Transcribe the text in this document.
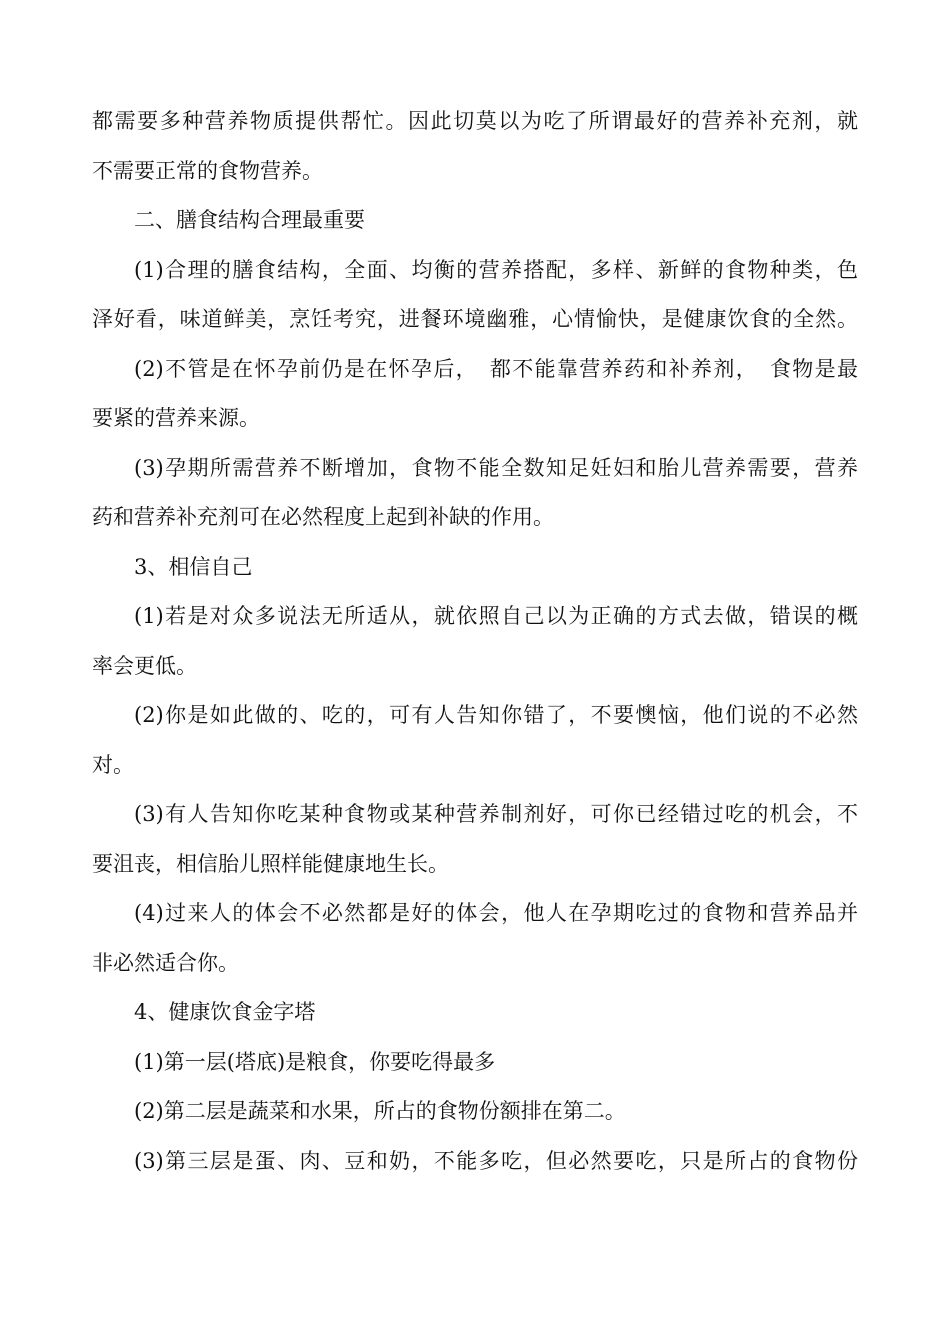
都需要多种营养物质提供帮忙。因此切莫以为吃了所谓最好的营养补充剂，就
不需要正常的食物营养。
二、膳食结构合理最重要
(1)合理的膳食结构，全面、均衡的营养搭配，多样、新鲜的食物种类，色
泽好看，味道鲜美，烹饪考究，进餐环境幽雅，心情愉快，是健康饮食的全然。
(2)不管是在怀孕前仍是在怀孕后，　都不能靠营养药和补养剂，　食物是最
要紧的营养来源。
(3)孕期所需营养不断增加，食物不能全数知足妊妇和胎儿营养需要，营养
药和营养补充剂可在必然程度上起到补缺的作用。
3、相信自己
(1)若是对众多说法无所适从，就依照自己以为正确的方式去做，错误的概
率会更低。
(2)你是如此做的、吃的，可有人告知你错了，不要懊恼，他们说的不必然
对。
(3)有人告知你吃某种食物或某种营养制剂好，可你已经错过吃的机会，不
要沮丧，相信胎儿照样能健康地生长。
(4)过来人的体会不必然都是好的体会，他人在孕期吃过的食物和营养品并
非必然适合你。
4、健康饮食金字塔
(1)第一层(塔底)是粮食，你要吃得最多
(2)第二层是蔬菜和水果，所占的食物份额排在第二。
(3)第三层是蛋、肉、豆和奶，不能多吃，但必然要吃，只是所占的食物份
